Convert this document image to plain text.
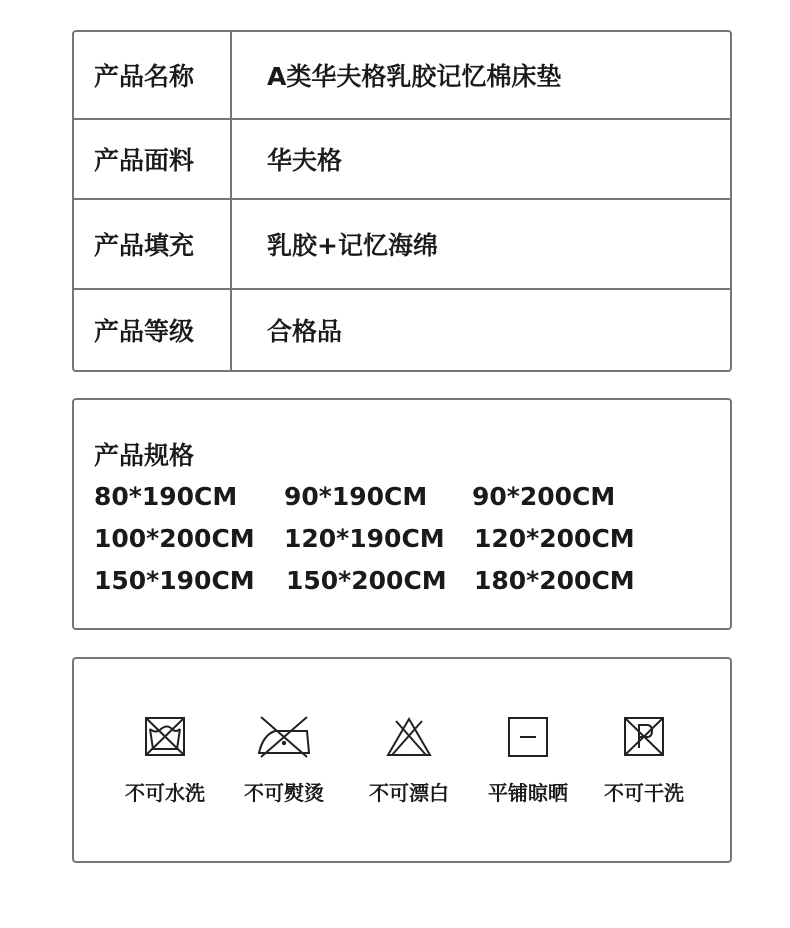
产品名称	A类华夫格乳胶记忆棉床垫
产品面料	华夫格
产品填充	乳胶+记忆海绵
产品等级	合格品
产品规格
80*190CM 90*190CM 90*200CM
100*200CM 120*190CM 120*200CM
150*190CM 150*200CM 180*200CM
不可水洗	不可熨烫	不可漂白	平铺晾晒	不可干洗
